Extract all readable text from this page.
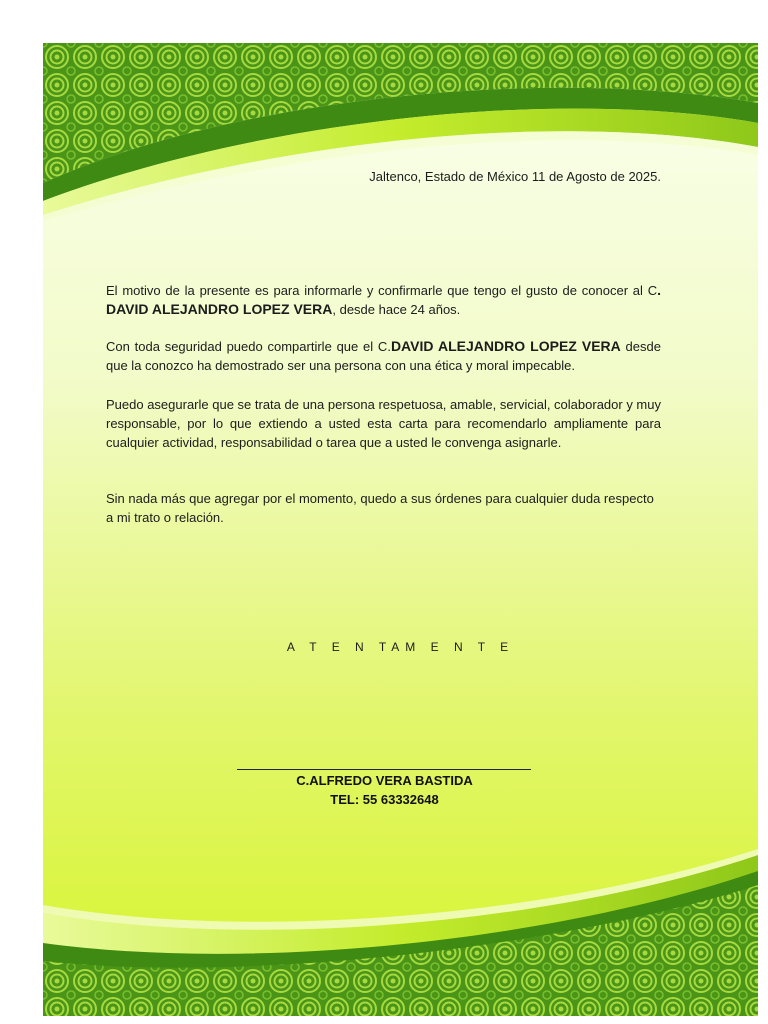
Jaltenco, Estado de México 11 de Agosto de 2025.
El motivo de la presente es para informarle y confirmarle que tengo el gusto de conocer al C. DAVID ALEJANDRO LOPEZ VERA, desde hace 24 años.
Con toda seguridad puedo compartirle que el C.DAVID ALEJANDRO LOPEZ VERA desde que la conozco ha demostrado ser una persona con una ética y moral impecable.
Puedo asegurarle que se trata de una persona respetuosa, amable, servicial, colaborador y muy responsable, por lo que extiendo a usted esta carta para recomendarlo ampliamente para cualquier actividad, responsabilidad o tarea que a usted le convenga asignarle.
Sin nada más que agregar por el momento, quedo a sus órdenes para cualquier duda respecto a mi trato o relación.
A T E N TAM E N T E
C.ALFREDO VERA BASTIDA
TEL: 55 63332648
